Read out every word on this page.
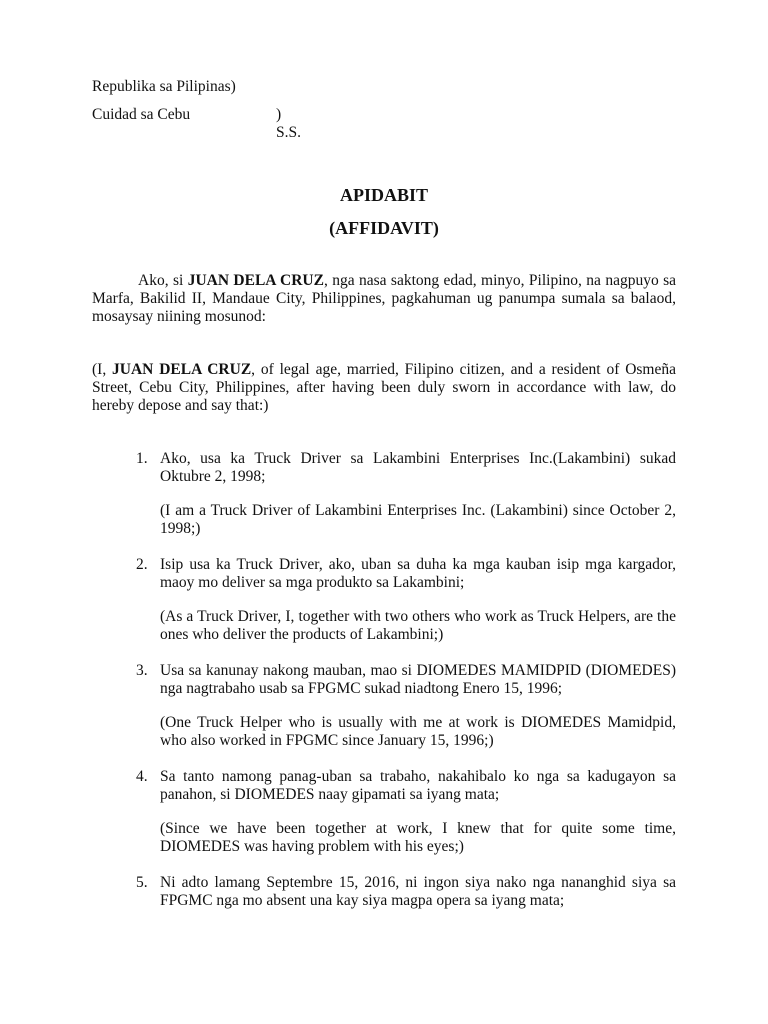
Republika sa Pilipinas)
Cuidad sa Cebu	) S.S.
APIDABIT
(AFFIDAVIT)

Ako, si JUAN DELA CRUZ, nga nasa saktong edad, minyo, Pilipino, na nagpuyo sa Marfa, Bakilid II, Mandaue City, Philippines, pagkahuman ug panumpa sumala sa balaod, mosaysay niining mosunod:

(I, JUAN DELA CRUZ, of legal age, married, Filipino citizen, and a resident of Osmeña Street, Cebu City, Philippines, after having been duly sworn in accordance with law, do hereby depose and say that:)

1. Ako, usa ka Truck Driver sa Lakambini Enterprises Inc.(Lakambini) sukad Oktubre 2, 1998;

(I am a Truck Driver of Lakambini Enterprises Inc. (Lakambini) since October 2, 1998;)

2. Isip usa ka Truck Driver, ako, uban sa duha ka mga kauban isip mga kargador, maoy mo deliver sa mga produkto sa Lakambini;

(As a Truck Driver, I, together with two others who work as Truck Helpers, are the ones who deliver the products of Lakambini;)

3. Usa sa kanunay nakong mauban, mao si DIOMEDES MAMIDPID (DIOMEDES) nga nagtrabaho usab sa FPGMC sukad niadtong Enero 15, 1996;

(One Truck Helper who is usually with me at work is DIOMEDES Mamidpid, who also worked in FPGMC since January 15, 1996;)

4. Sa tanto namong panag-uban sa trabaho, nakahibalo ko nga sa kadugayon sa panahon, si DIOMEDES naay gipamati sa iyang mata;

(Since we have been together at work, I knew that for quite some time, DIOMEDES was having problem with his eyes;)

5. Ni adto lamang Septembre 15, 2016, ni ingon siya nako nga nananghid siya sa FPGMC nga mo absent una kay siya magpa opera sa iyang mata;
